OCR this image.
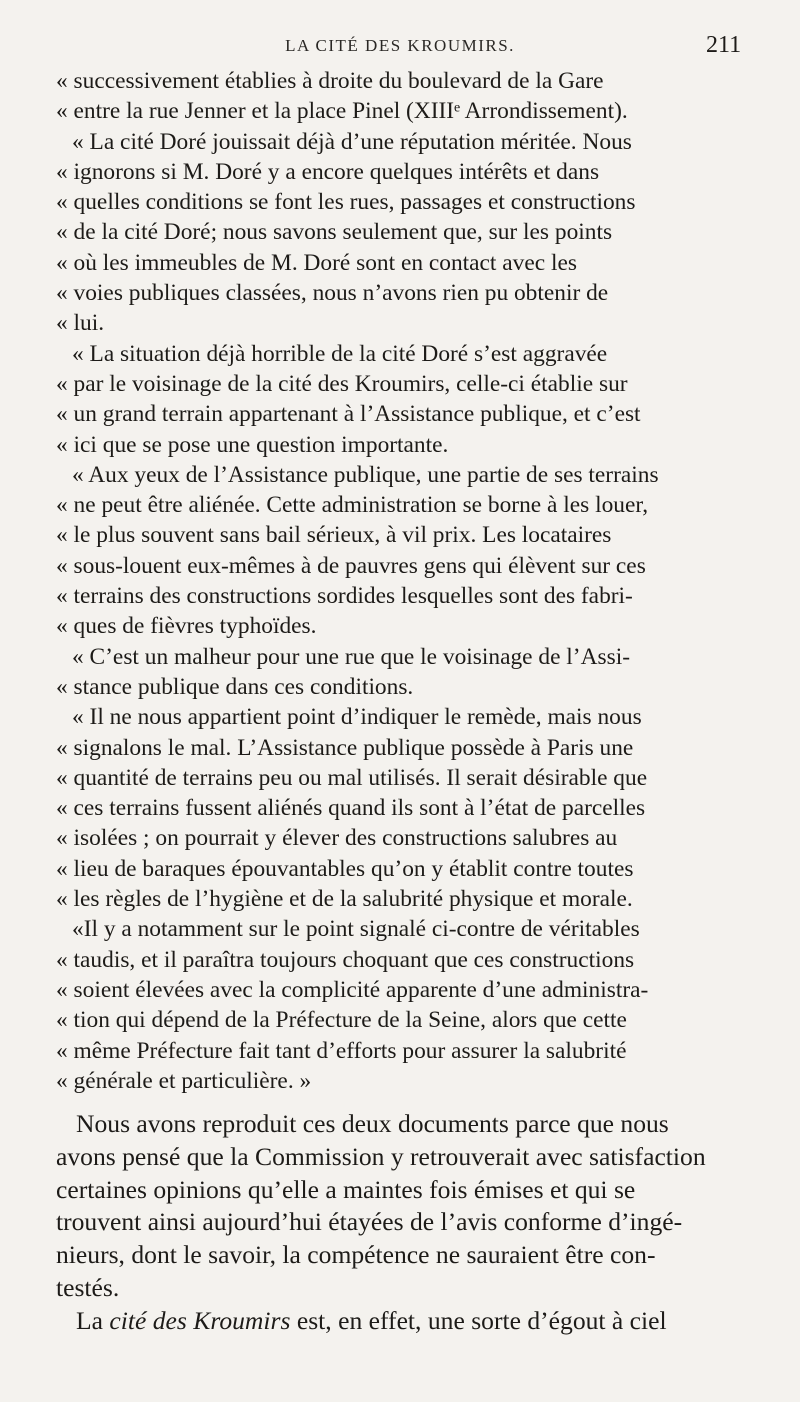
LA CITÉ DES KROUMIRS.	211
« successivement établies à droite du boulevard de la Gare
« entre la rue Jenner et la place Pinel (XIIIᵉ Arrondissement).
« La cité Doré jouissait déjà d’une réputation méritée. Nous
« ignorons si M. Doré y a encore quelques intérêts et dans
« quelles conditions se font les rues, passages et constructions
« de la cité Doré; nous savons seulement que, sur les points
« où les immeubles de M. Doré sont en contact avec les
« voies publiques classées, nous n’avons rien pu obtenir de
« lui.
« La situation déjà horrible de la cité Doré s’est aggravée
« par le voisinage de la cité des Kroumirs, celle-ci établie sur
« un grand terrain appartenant à l’Assistance publique, et c’est
« ici que se pose une question importante.
« Aux yeux de l’Assistance publique, une partie de ses terrains
« ne peut être aliénée. Cette administration se borne à les louer,
« le plus souvent sans bail sérieux, à vil prix. Les locataires
« sous-louent eux-mêmes à de pauvres gens qui élèvent sur ces
« terrains des constructions sordides lesquelles sont des fabri-
« ques de fièvres typhoïdes.
« C’est un malheur pour une rue que le voisinage de l’Assi-
« stance publique dans ces conditions.
« Il ne nous appartient point d’indiquer le remède, mais nous
« signalons le mal. L’Assistance publique possède à Paris une
« quantité de terrains peu ou mal utilisés. Il serait désirable que
« ces terrains fussent aliénés quand ils sont à l’état de parcelles
« isolées ; on pourrait y élever des constructions salubres au
« lieu de baraques épouvantables qu’on y établit contre toutes
« les règles de l’hygiène et de la salubrité physique et morale.
«Il y a notamment sur le point signalé ci-contre de véritables
« taudis, et il paraîtra toujours choquant que ces constructions
« soient élevées avec la complicité apparente d’une administra-
« tion qui dépend de la Préfecture de la Seine, alors que cette
« même Préfecture fait tant d’efforts pour assurer la salubrité
« générale et particulière. »
Nous avons reproduit ces deux documents parce que nous
avons pensé que la Commission y retrouverait avec satisfaction
certaines opinions qu’elle a maintes fois émises et qui se
trouvent ainsi aujourd’hui étayées de l’avis conforme d’ingé-
nieurs, dont le savoir, la compétence ne sauraient être con-
testés.
La cité des Kroumirs est, en effet, une sorte d’égout à ciel
